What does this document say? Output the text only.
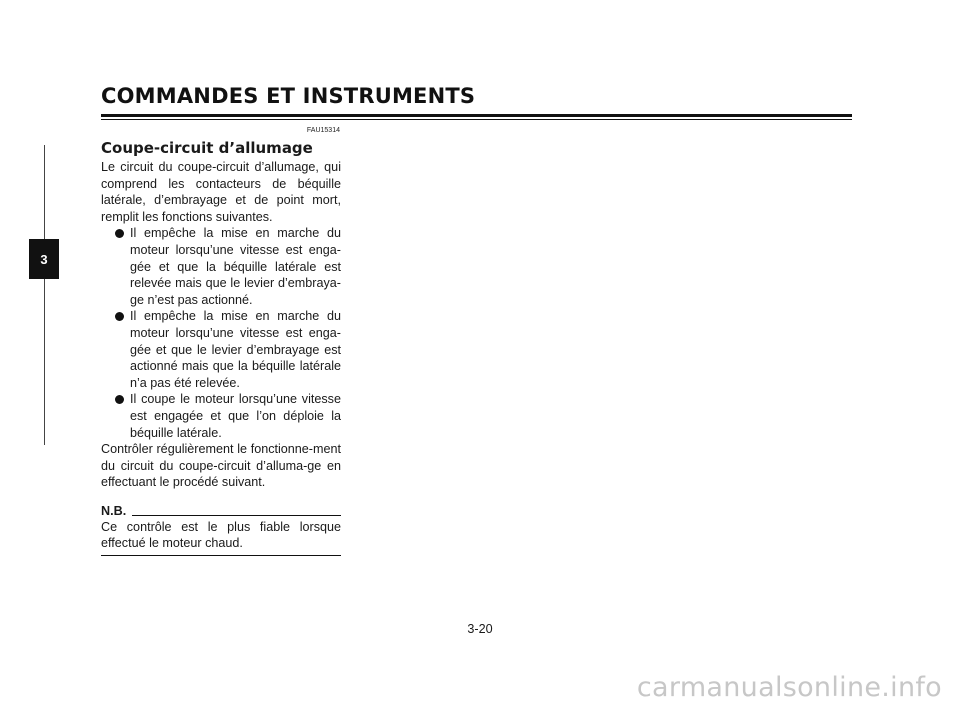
COMMANDES ET INSTRUMENTS
3
FAU15314
Coupe-circuit d’allumage

Le circuit du coupe-circuit d’allumage, qui comprend les contacteurs de béquille latérale, d’embrayage et de point mort, remplit les fonctions suivantes.

Il empêche la mise en marche du moteur lorsqu’une vitesse est enga-gée et que la béquille latérale est relevée mais que le levier d’embraya-ge n’est pas actionné.
Il empêche la mise en marche du moteur lorsqu’une vitesse est enga-gée et que le levier d’embrayage est actionné mais que la béquille latérale n’a pas été relevée.
Il coupe le moteur lorsqu’une vitesse est engagée et que l’on déploie la béquille latérale.

Contrôler régulièrement le fonctionne-ment du circuit du coupe-circuit d’alluma-ge en effectuant le procédé suivant.

N.B.

Ce contrôle est le plus fiable lorsque effectué le moteur chaud.

3-20
carmanualsonline.info
